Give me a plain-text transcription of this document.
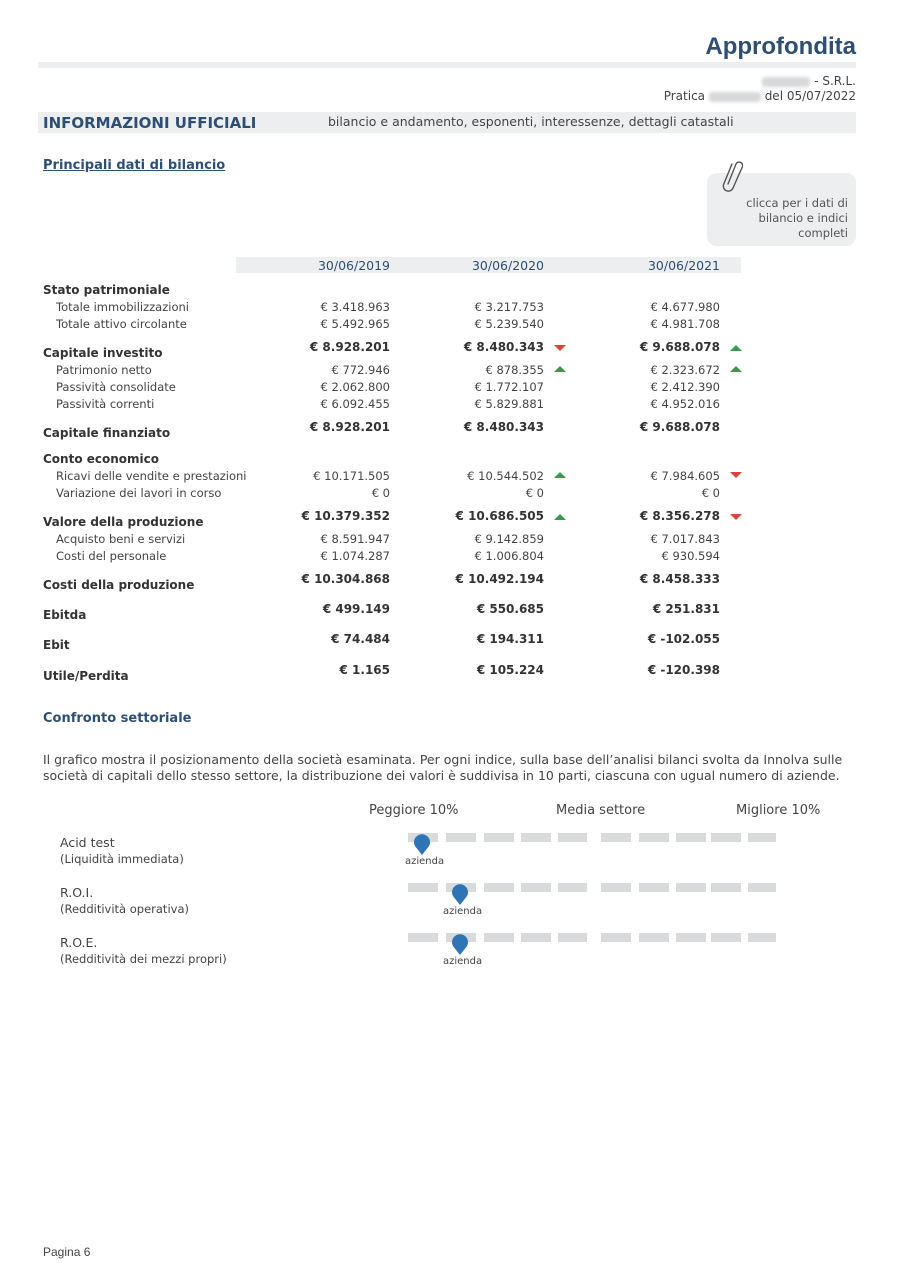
Approfondita
- S.R.L.
Pratica	del 05/07/2022
INFORMAZIONI UFFICIALI	bilancio e andamento, esponenti, interessenze, dettagli catastali
Principali dati di bilancio
clicca per i dati di
bilancio e indici completi
30/06/2019	30/06/2020	30/06/2021
Stato patrimoniale
Totale immobilizzazioni	€ 3.418.963	€ 3.217.753	€ 4.677.980
Totale attivo circolante	€ 5.492.965	€ 5.239.540	€ 4.981.708
Capitale investito	€ 8.928.201	€ 8.480.343	€ 9.688.078
Patrimonio netto	€ 772.946	€ 878.355	€ 2.323.672
Passività consolidate	€ 2.062.800	€ 1.772.107	€ 2.412.390
Passività correnti	€ 6.092.455	€ 5.829.881	€ 4.952.016
Capitale finanziato	€ 8.928.201	€ 8.480.343	€ 9.688.078
Conto economico
Ricavi delle vendite e prestazioni	€ 10.171.505	€ 10.544.502	€ 7.984.605
Variazione dei lavori in corso	€ 0	€ 0	€ 0
Valore della produzione	€ 10.379.352	€ 10.686.505	€ 8.356.278
Acquisto beni e servizi	€ 8.591.947	€ 9.142.859	€ 7.017.843
Costi del personale	€ 1.074.287	€ 1.006.804	€ 930.594
Costi della produzione	€ 10.304.868	€ 10.492.194	€ 8.458.333
Ebitda	€ 499.149	€ 550.685	€ 251.831
Ebit	€ 74.484	€ 194.311	€ -102.055
Utile/Perdita	€ 1.165	€ 105.224	€ -120.398
Confronto settoriale
Il grafico mostra il posizionamento della società esaminata. Per ogni indice, sulla base dell’analisi bilanci svolta da Innolva sulle società di capitali dello stesso settore, la distribuzione dei valori è suddivisa in 10 parti, ciascuna con ugual numero di aziende.
Peggiore 10%	Media settore	Migliore 10%
Acid test
(Liquidità immediata)	azienda
R.O.I.
(Redditività operativa)	azienda
R.O.E.
(Redditività dei mezzi propri)	azienda
Pagina 6
